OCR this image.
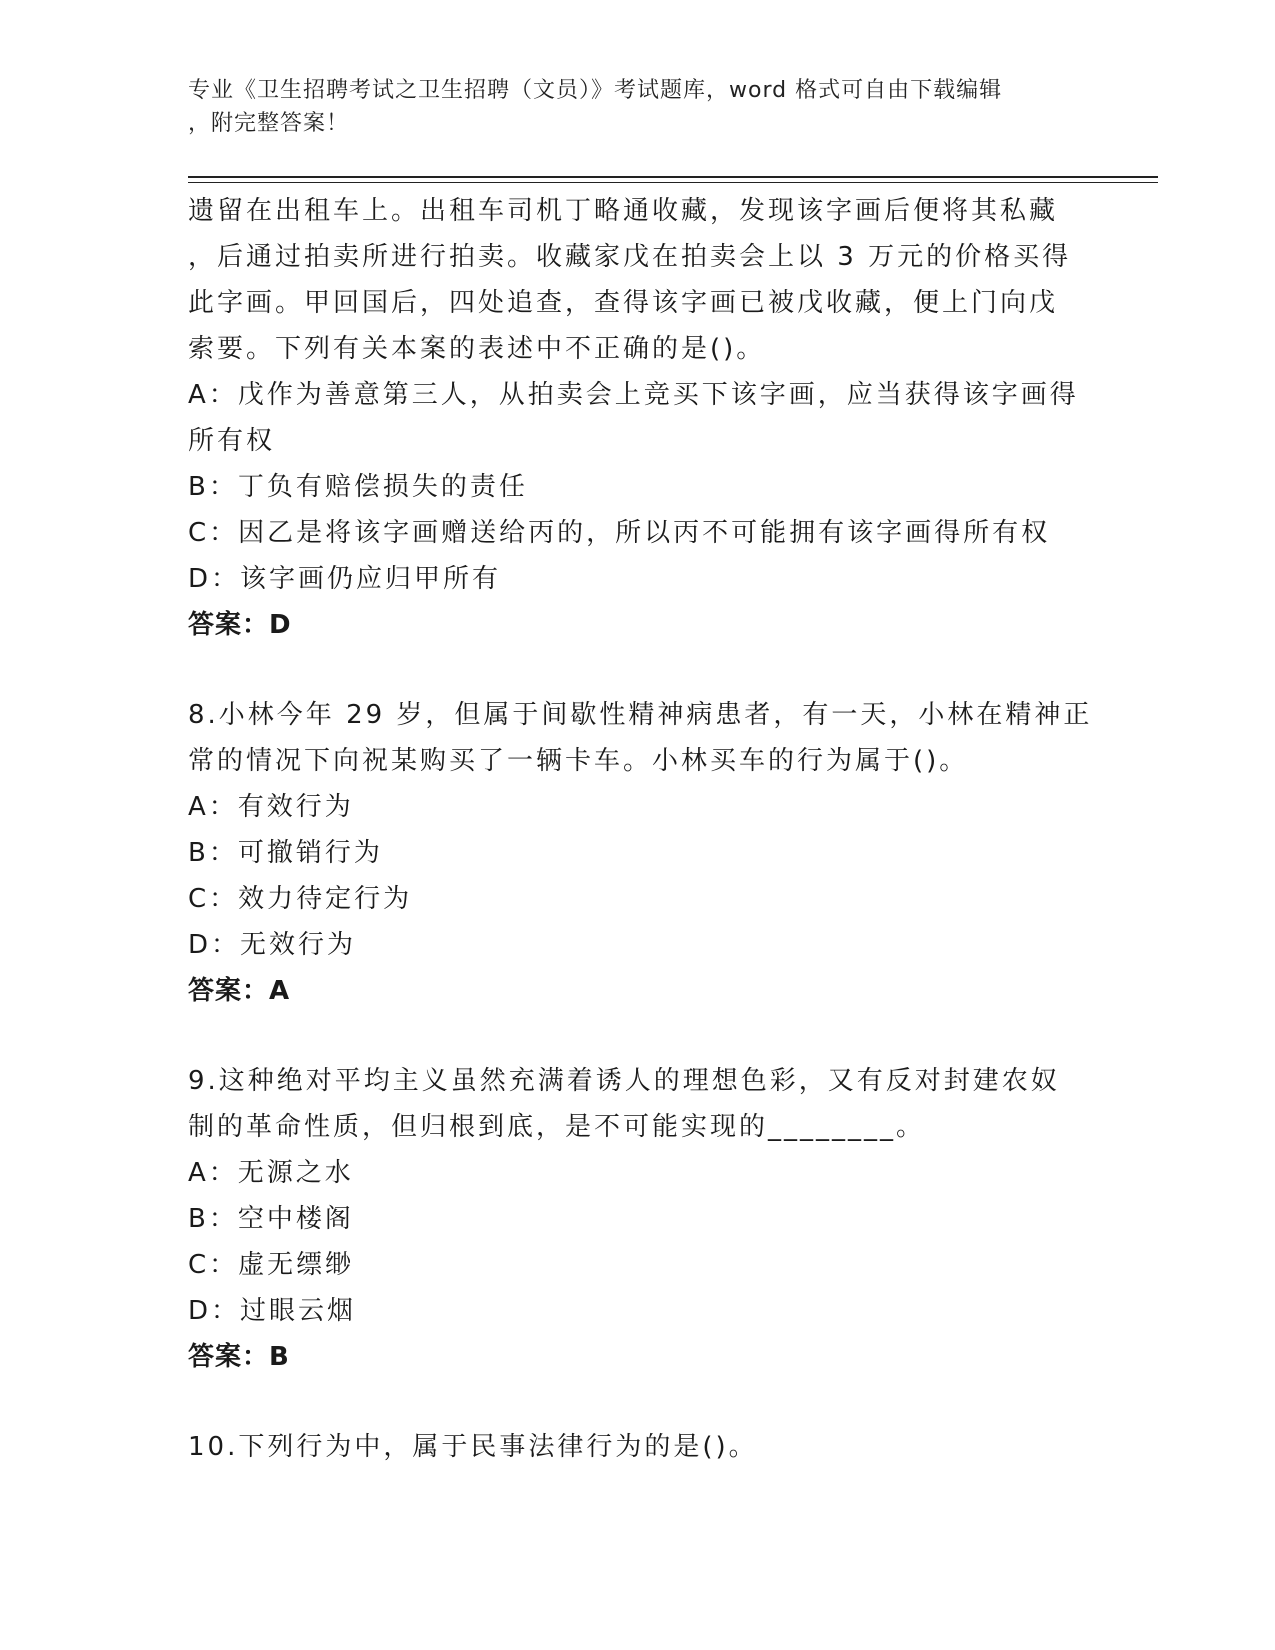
专业《卫生招聘考试之卫生招聘（文员）》考试题库，word 格式可自由下载编辑
，附完整答案！
遗留在出租车上。出租车司机丁略通收藏，发现该字画后便将其私藏
，后通过拍卖所进行拍卖。收藏家戊在拍卖会上以 3 万元的价格买得
此字画。甲回国后，四处追查，查得该字画已被戊收藏，便上门向戊
索要。下列有关本案的表述中不正确的是()。
A：戊作为善意第三人，从拍卖会上竞买下该字画，应当获得该字画得
所有权
B：丁负有赔偿损失的责任
C：因乙是将该字画赠送给丙的，所以丙不可能拥有该字画得所有权
D：该字画仍应归甲所有
答案：D
8.小林今年 29 岁，但属于间歇性精神病患者，有一天，小林在精神正
常的情况下向祝某购买了一辆卡车。小林买车的行为属于()。
A：有效行为
B：可撤销行为
C：效力待定行为
D：无效行为
答案：A
9.这种绝对平均主义虽然充满着诱人的理想色彩，又有反对封建农奴
制的革命性质，但归根到底，是不可能实现的________。
A：无源之水
B：空中楼阁
C：虚无缥缈
D：过眼云烟
答案：B
10.下列行为中，属于民事法律行为的是()。
